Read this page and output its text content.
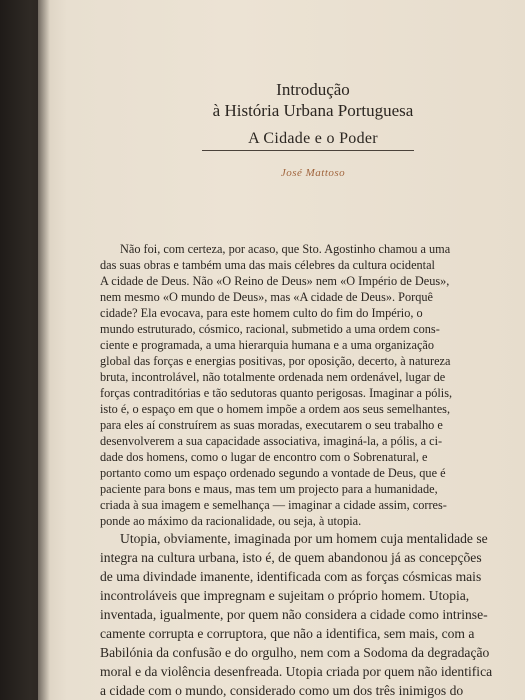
Introdução
à História Urbana Portuguesa
A Cidade e o Poder
José Mattoso
Não foi, com certeza, por acaso, que Sto. Agostinho chamou a uma
das suas obras e também uma das mais célebres da cultura ocidental
A cidade de Deus. Não «O Reino de Deus» nem «O Império de Deus»,
nem mesmo «O mundo de Deus», mas «A cidade de Deus». Porquê
cidade? Ela evocava, para este homem culto do fim do Império, o
mundo estruturado, cósmico, racional, submetido a uma ordem cons-
ciente e programada, a uma hierarquia humana e a uma organização
global das forças e energias positivas, por oposição, decerto, à natureza
bruta, incontrolável, não totalmente ordenada nem ordenável, lugar de
forças contraditórias e tão sedutoras quanto perigosas. Imaginar a pólis,
isto é, o espaço em que o homem impõe a ordem aos seus semelhantes,
para eles aí construírem as suas moradas, executarem o seu trabalho e
desenvolverem a sua capacidade associativa, imaginá-la, a pólis, a ci-
dade dos homens, como o lugar de encontro com o Sobrenatural, e
portanto como um espaço ordenado segundo a vontade de Deus, que é
paciente para bons e maus, mas tem um projecto para a humanidade,
criada à sua imagem e semelhança — imaginar a cidade assim, corres-
ponde ao máximo da racionalidade, ou seja, à utopia.
Utopia, obviamente, imaginada por um homem cuja mentalidade se
integra na cultura urbana, isto é, de quem abandonou já as concepções
de uma divindade imanente, identificada com as forças cósmicas mais
incontroláveis que impregnam e sujeitam o próprio homem. Utopia,
inventada, igualmente, por quem não considera a cidade como intrinse-
camente corrupta e corruptora, que não a identifica, sem mais, com a
Babilónia da confusão e do orgulho, nem com a Sodoma da degradação
moral e da violência desenfreada. Utopia criada por quem não identifica
a cidade com o mundo, considerado como um dos três inimigos do
